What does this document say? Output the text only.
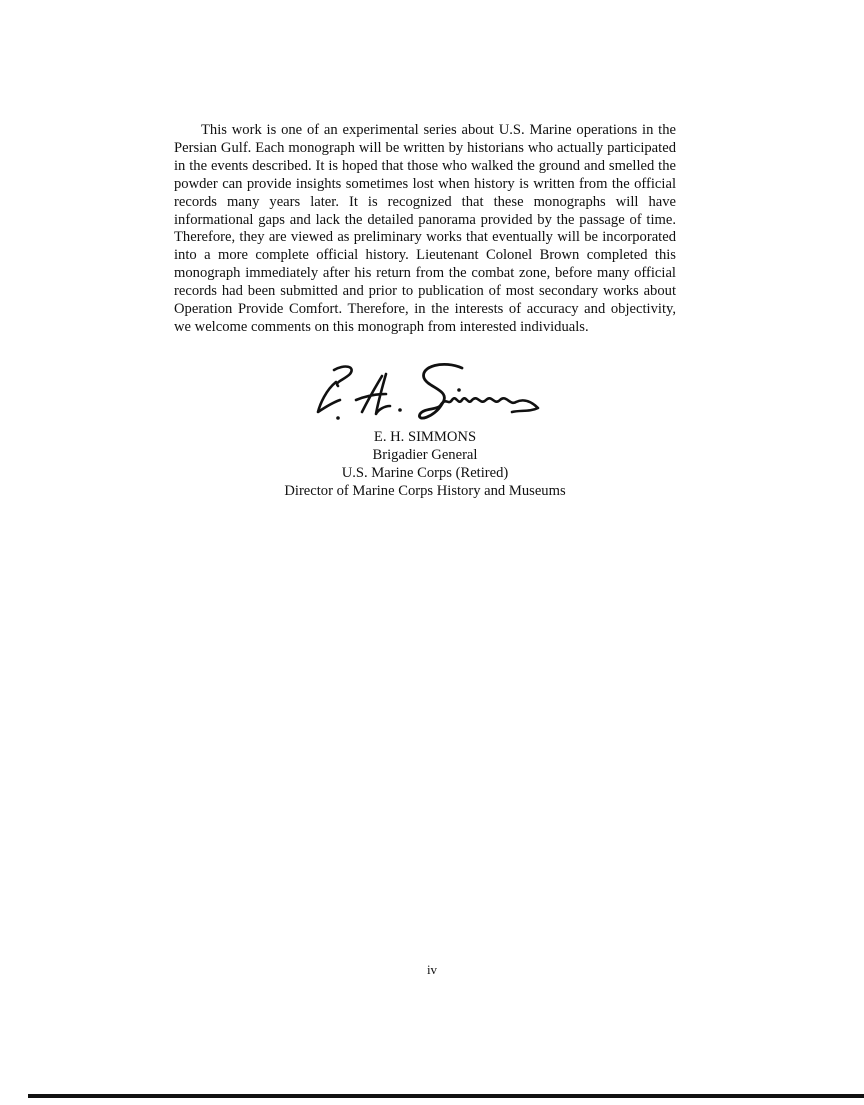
This work is one of an experimental series about U.S. Marine operations in the Persian Gulf. Each monograph will be written by historians who actually participated in the events described. It is hoped that those who walked the ground and smelled the powder can provide insights sometimes lost when history is written from the official records many years later. It is recognized that these monographs will have informational gaps and lack the detailed panorama provided by the passage of time. Therefore, they are viewed as preliminary works that eventually will be incorporated into a more complete official history. Lieutenant Colonel Brown completed this monograph immediately after his return from the combat zone, before many official records had been submitted and prior to publication of most secondary works about Operation Provide Comfort. Therefore, in the interests of accuracy and objectivity, we welcome comments on this monograph from interested individuals.

E. H. SIMMONS
Brigadier General
U.S. Marine Corps (Retired)
Director of Marine Corps History and Museums
iv
